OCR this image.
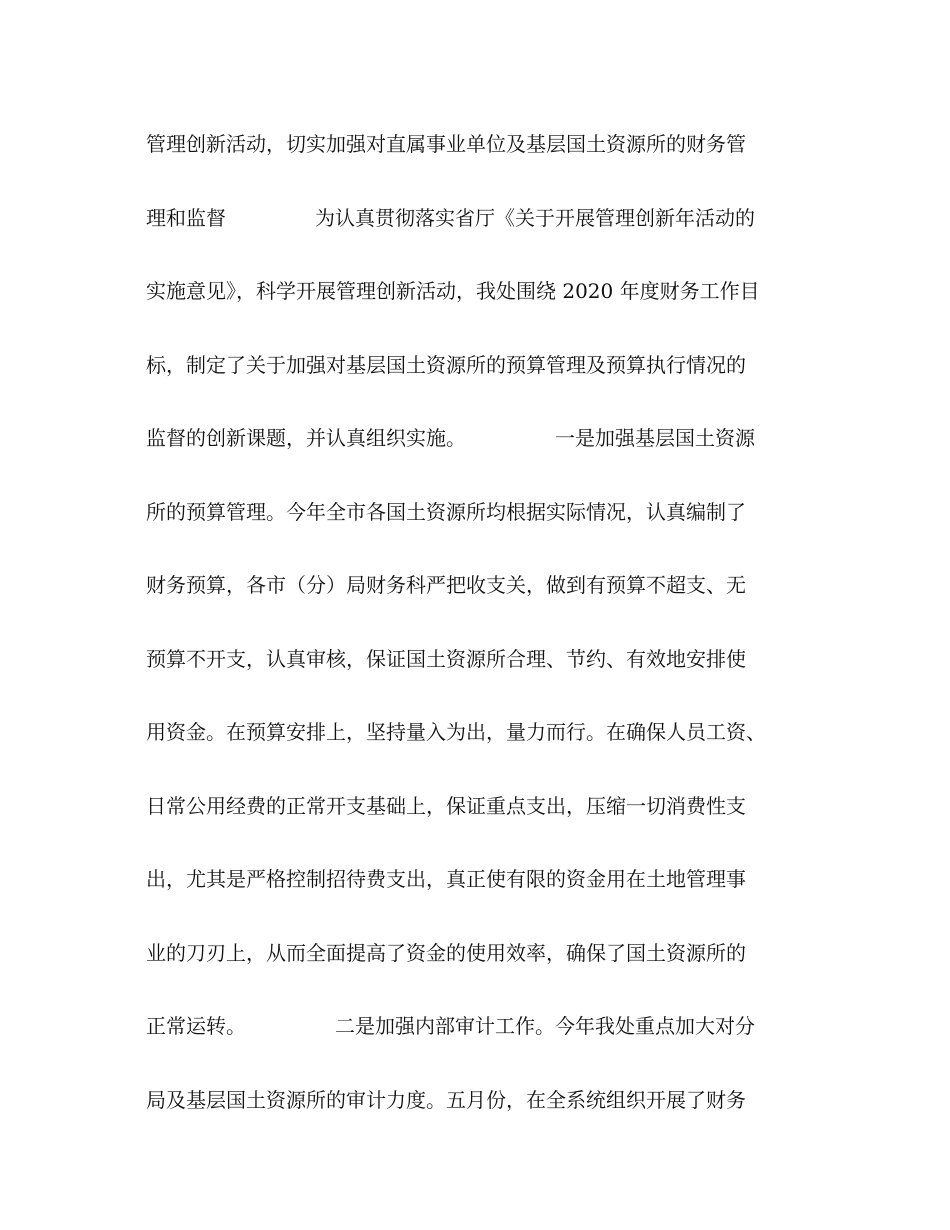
管理创新活动，切实加强对直属事业单位及基层国土资源所的财务管
理和监督              为认真贯彻落实省厅《关于开展管理创新年活动的
实施意见》，科学开展管理创新活动，我处围绕 2020 年度财务工作目
标，制定了关于加强对基层国土资源所的预算管理及预算执行情况的
监督的创新课题，并认真组织实施。              一是加强基层国土资源
所的预算管理。今年全市各国土资源所均根据实际情况，认真编制了
财务预算，各市（分）局财务科严把收支关，做到有预算不超支、无
预算不开支，认真审核，保证国土资源所合理、节约、有效地安排使
用资金。在预算安排上，坚持量入为出，量力而行。在确保人员工资、
日常公用经费的正常开支基础上，保证重点支出，压缩一切消费性支
出，尤其是严格控制招待费支出，真正使有限的资金用在土地管理事
业的刀刃上，从而全面提高了资金的使用效率，确保了国土资源所的
正常运转。              二是加强内部审计工作。今年我处重点加大对分
局及基层国土资源所的审计力度。五月份，在全系统组织开展了财务
